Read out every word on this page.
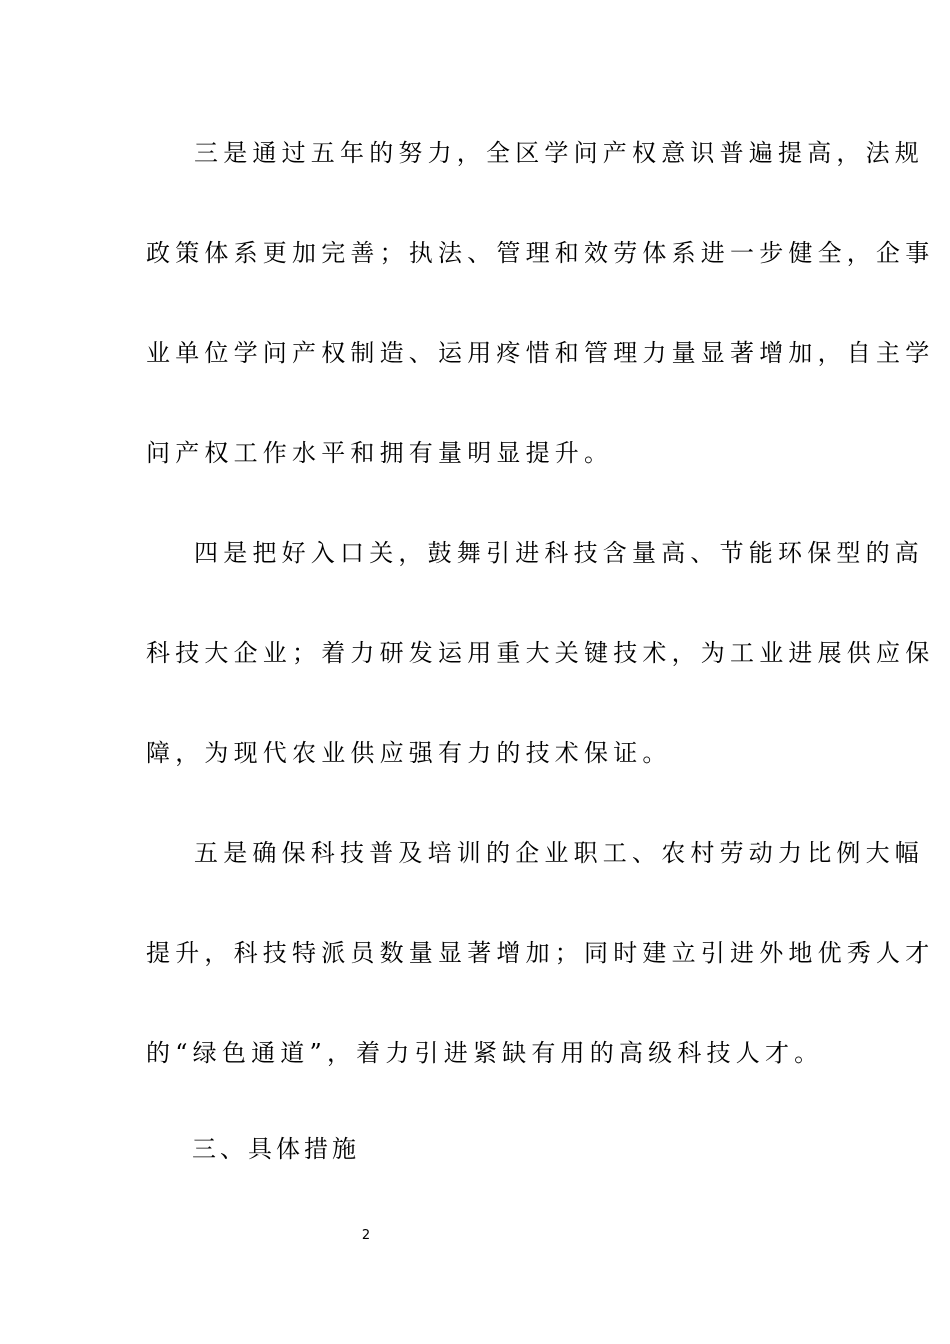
三是通过五年的努力，全区学问产权意识普遍提高，法规
政策体系更加完善；执法、管理和效劳体系进一步健全，企事
业单位学问产权制造、运用疼惜和管理力量显著增加，自主学
问产权工作水平和拥有量明显提升。
四是把好入口关，鼓舞引进科技含量高、节能环保型的高
科技大企业；着力研发运用重大关键技术，为工业进展供应保
障，为现代农业供应强有力的技术保证。
五是确保科技普及培训的企业职工、农村劳动力比例大幅
提升，科技特派员数量显著增加；同时建立引进外地优秀人才
的“绿色通道”，着力引进紧缺有用的高级科技人才。
三、具体措施
2
